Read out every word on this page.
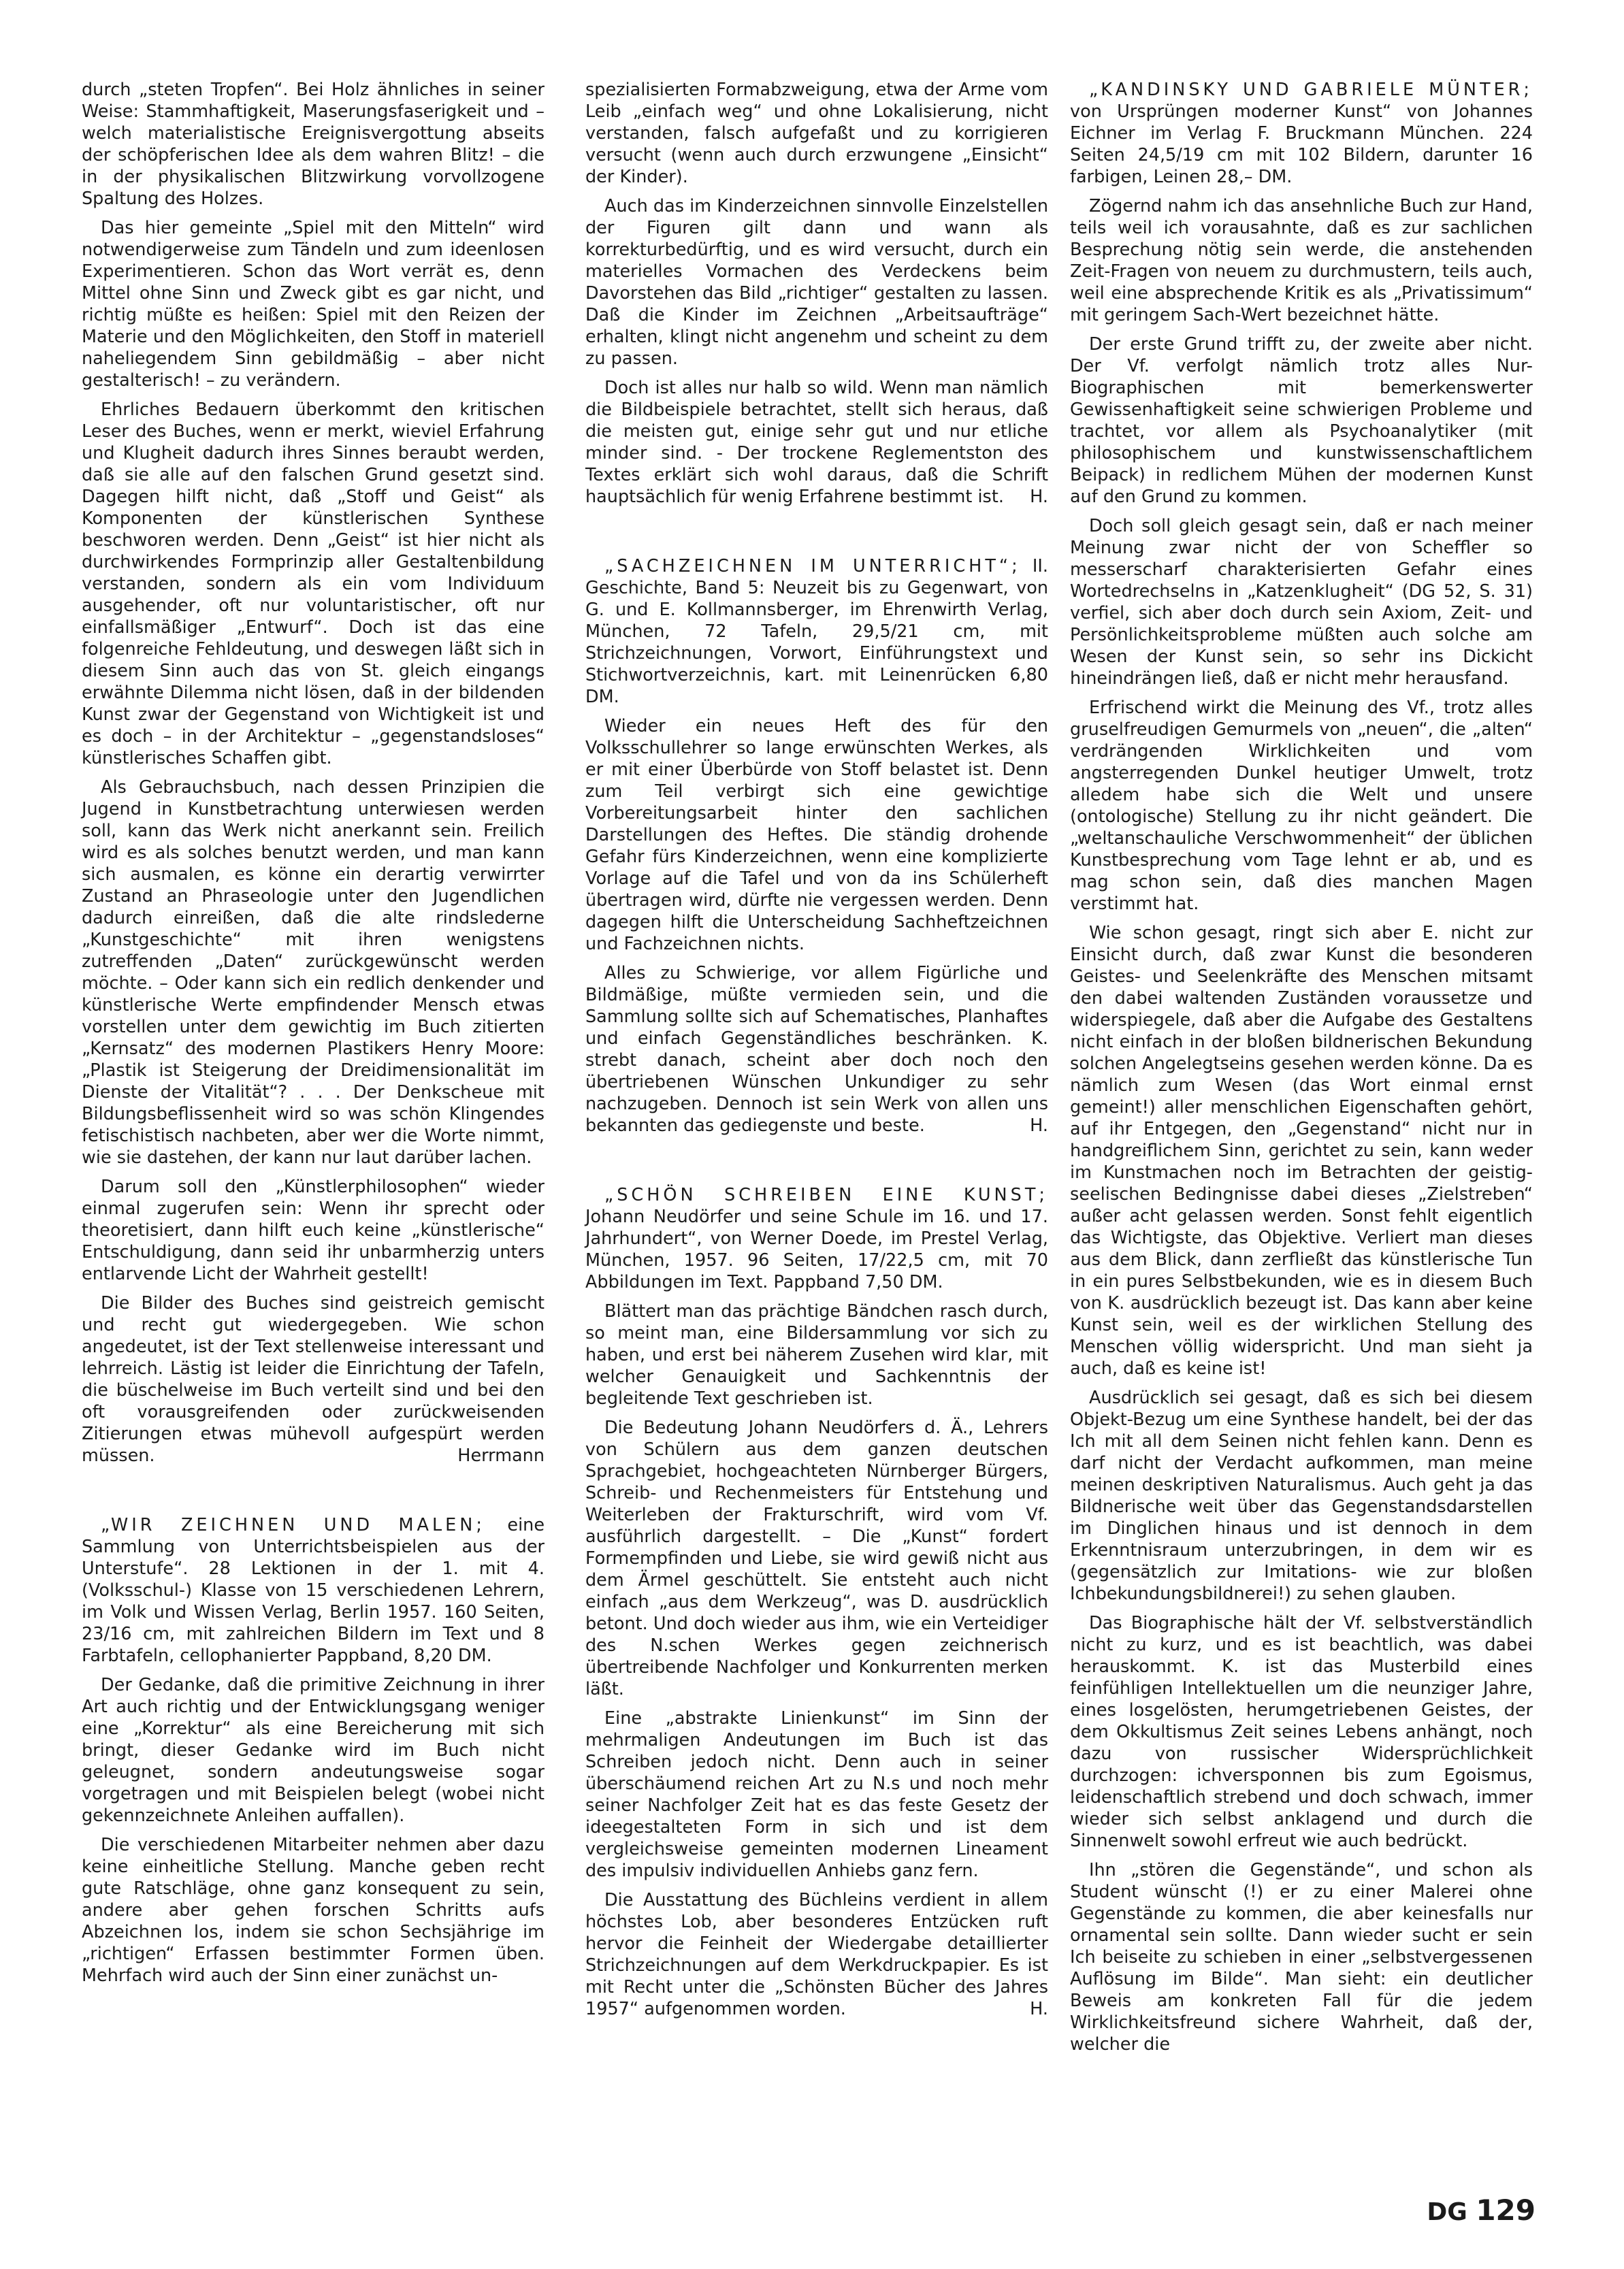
durch „steten Tropfen“. Bei Holz ähnliches in seiner Weise: Stammhaftigkeit, Maserungsfaserigkeit und – welch materialistische Ereignisvergottung abseits der schöpferischen Idee als dem wahren Blitz! – die in der physikalischen Blitzwirkung vorvollzogene Spaltung des Holzes.

Das hier gemeinte „Spiel mit den Mitteln“ wird notwendigerweise zum Tändeln und zum ideenlosen Experimentieren. Schon das Wort verrät es, denn Mittel ohne Sinn und Zweck gibt es gar nicht, und richtig müßte es heißen: Spiel mit den Reizen der Materie und den Möglichkeiten, den Stoff in materiell naheliegendem Sinn gebildmäßig – aber nicht gestalterisch! – zu verändern.

Ehrliches Bedauern überkommt den kritischen Leser des Buches, wenn er merkt, wieviel Erfahrung und Klugheit dadurch ihres Sinnes beraubt werden, daß sie alle auf den falschen Grund gesetzt sind. Dagegen hilft nicht, daß „Stoff und Geist“ als Komponenten der künstlerischen Synthese beschworen werden. Denn „Geist“ ist hier nicht als durchwirkendes Formprinzip aller Gestaltenbildung verstanden, sondern als ein vom Individuum ausgehender, oft nur voluntaristischer, oft nur einfallsmäßiger „Entwurf“. Doch ist das eine folgenreiche Fehldeutung, und deswegen läßt sich in diesem Sinn auch das von St. gleich eingangs erwähnte Dilemma nicht lösen, daß in der bildenden Kunst zwar der Gegenstand von Wichtigkeit ist und es doch – in der Architektur – „gegenstandsloses“ künstlerisches Schaffen gibt.

Als Gebrauchsbuch, nach dessen Prinzipien die Jugend in Kunstbetrachtung unterwiesen werden soll, kann das Werk nicht anerkannt sein. Freilich wird es als solches benutzt werden, und man kann sich ausmalen, es könne ein derartig verwirrter Zustand an Phraseologie unter den Jugendlichen dadurch einreißen, daß die alte rindslederne „Kunstgeschichte“ mit ihren wenigstens zutreffenden „Daten“ zurückgewünscht werden möchte. – Oder kann sich ein redlich denkender und künstlerische Werte empfindender Mensch etwas vorstellen unter dem gewichtig im Buch zitierten „Kernsatz“ des modernen Plastikers Henry Moore: „Plastik ist Steigerung der Dreidimensionalität im Dienste der Vitalität“? . . . Der Denkscheue mit Bildungsbeflissenheit wird so was schön Klingendes fetischistisch nachbeten, aber wer die Worte nimmt, wie sie dastehen, der kann nur laut darüber lachen.

Darum soll den „Künstlerphilosophen“ wieder einmal zugerufen sein: Wenn ihr sprecht oder theoretisiert, dann hilft euch keine „künstlerische“ Entschuldigung, dann seid ihr unbarmherzig unters entlarvende Licht der Wahrheit gestellt!

Die Bilder des Buches sind geistreich gemischt und recht gut wiedergegeben. Wie schon angedeutet, ist der Text stellenweise interessant und lehrreich. Lästig ist leider die Einrichtung der Tafeln, die büschelweise im Buch verteilt sind und bei den oft vorausgreifenden oder zurückweisenden Zitierungen etwas mühevoll aufgespürt werden müssen.	Herrmann

„WIR ZEICHNEN UND MALEN; eine Sammlung von Unterrichtsbeispielen aus der Unterstufe“. 28 Lektionen in der 1. mit 4. (Volksschul-) Klasse von 15 verschiedenen Lehrern, im Volk und Wissen Verlag, Berlin 1957. 160 Seiten, 23/16 cm, mit zahlreichen Bildern im Text und 8 Farbtafeln, cellophanierter Pappband, 8,20 DM.

Der Gedanke, daß die primitive Zeichnung in ihrer Art auch richtig und der Entwicklungsgang weniger eine „Korrektur“ als eine Bereicherung mit sich bringt, dieser Gedanke wird im Buch nicht geleugnet, sondern andeutungsweise sogar vorgetragen und mit Beispielen belegt (wobei nicht gekennzeichnete Anleihen auffallen).

Die verschiedenen Mitarbeiter nehmen aber dazu keine einheitliche Stellung. Manche geben recht gute Ratschläge, ohne ganz konsequent zu sein, andere aber gehen forschen Schritts aufs Abzeichnen los, indem sie schon Sechsjährige im „richtigen“ Erfassen bestimmter Formen üben. Mehrfach wird auch der Sinn einer zunächst un-

spezialisierten Formabzweigung, etwa der Arme vom Leib „einfach weg“ und ohne Lokalisierung, nicht verstanden, falsch aufgefaßt und zu korrigieren versucht (wenn auch durch erzwungene „Einsicht“ der Kinder).

Auch das im Kinderzeichnen sinnvolle Einzelstellen der Figuren gilt dann und wann als korrekturbedürftig, und es wird versucht, durch ein materielles Vormachen des Verdeckens beim Davorstehen das Bild „richtiger“ gestalten zu lassen. Daß die Kinder im Zeichnen „Arbeitsaufträge“ erhalten, klingt nicht angenehm und scheint zu dem zu passen.

Doch ist alles nur halb so wild. Wenn man nämlich die Bildbeispiele betrachtet, stellt sich heraus, daß die meisten gut, einige sehr gut und nur etliche minder sind. - Der trockene Reglementston des Textes erklärt sich wohl daraus, daß die Schrift hauptsächlich für wenig Erfahrene bestimmt ist.	H.

„SACHZEICHNEN IM UNTERRICHT“; II. Geschichte, Band 5: Neuzeit bis zu Gegenwart, von G. und E. Kollmannsberger, im Ehrenwirth Verlag, München, 72 Tafeln, 29,5/21 cm, mit Strichzeichnungen, Vorwort, Einführungstext und Stichwortverzeichnis, kart. mit Leinenrücken 6,80 DM.

Wieder ein neues Heft des für den Volksschullehrer so lange erwünschten Werkes, als er mit einer Überbürde von Stoff belastet ist. Denn zum Teil verbirgt sich eine gewichtige Vorbereitungsarbeit hinter den sachlichen Darstellungen des Heftes. Die ständig drohende Gefahr fürs Kinderzeichnen, wenn eine komplizierte Vorlage auf die Tafel und von da ins Schülerheft übertragen wird, dürfte nie vergessen werden. Denn dagegen hilft die Unterscheidung Sachheftzeichnen und Fachzeichnen nichts.

Alles zu Schwierige, vor allem Figürliche und Bildmäßige, müßte vermieden sein, und die Sammlung sollte sich auf Schematisches, Planhaftes und einfach Gegenständliches beschränken. K. strebt danach, scheint aber doch noch den übertriebenen Wünschen Unkundiger zu sehr nachzugeben. Dennoch ist sein Werk von allen uns bekannten das gediegenste und beste.	H.

„SCHÖN SCHREIBEN EINE KUNST; Johann Neudörfer und seine Schule im 16. und 17. Jahrhundert“, von Werner Doede, im Prestel Verlag, München, 1957. 96 Seiten, 17/22,5 cm, mit 70 Abbildungen im Text. Pappband 7,50 DM.

Blättert man das prächtige Bändchen rasch durch, so meint man, eine Bildersammlung vor sich zu haben, und erst bei näherem Zusehen wird klar, mit welcher Genauigkeit und Sachkenntnis der begleitende Text geschrieben ist.

Die Bedeutung Johann Neudörfers d. Ä., Lehrers von Schülern aus dem ganzen deutschen Sprachgebiet, hochgeachteten Nürnberger Bürgers, Schreib- und Rechenmeisters für Entstehung und Weiterleben der Frakturschrift, wird vom Vf. ausführlich dargestellt. – Die „Kunst“ fordert Formempfinden und Liebe, sie wird gewiß nicht aus dem Ärmel geschüttelt. Sie entsteht auch nicht einfach „aus dem Werkzeug“, was D. ausdrücklich betont. Und doch wieder aus ihm, wie ein Verteidiger des N.schen Werkes gegen zeichnerisch übertreibende Nachfolger und Konkurrenten merken läßt.

Eine „abstrakte Linienkunst“ im Sinn der mehrmaligen Andeutungen im Buch ist das Schreiben jedoch nicht. Denn auch in seiner überschäumend reichen Art zu N.s und noch mehr seiner Nachfolger Zeit hat es das feste Gesetz der ideegestalteten Form in sich und ist dem vergleichsweise gemeinten modernen Lineament des impulsiv individuellen Anhiebs ganz fern.

Die Ausstattung des Büchleins verdient in allem höchstes Lob, aber besonderes Entzücken ruft hervor die Feinheit der Wiedergabe detaillierter Strichzeichnungen auf dem Werkdruckpapier. Es ist mit Recht unter die „Schönsten Bücher des Jahres 1957“ aufgenommen worden.	H.

„KANDINSKY UND GABRIELE MÜNTER; von Ursprüngen moderner Kunst“ von Johannes Eichner im Verlag F. Bruckmann München. 224 Seiten 24,5/19 cm mit 102 Bildern, darunter 16 farbigen, Leinen 28,– DM.

Zögernd nahm ich das ansehnliche Buch zur Hand, teils weil ich vorausahnte, daß es zur sachlichen Besprechung nötig sein werde, die anstehenden Zeit-Fragen von neuem zu durchmustern, teils auch, weil eine absprechende Kritik es als „Privatissimum“ mit geringem Sach-Wert bezeichnet hätte.

Der erste Grund trifft zu, der zweite aber nicht. Der Vf. verfolgt nämlich trotz alles Nur-Biographischen mit bemerkenswerter Gewissenhaftigkeit seine schwierigen Probleme und trachtet, vor allem als Psychoanalytiker (mit philosophischem und kunstwissenschaftlichem Beipack) in redlichem Mühen der modernen Kunst auf den Grund zu kommen.

Doch soll gleich gesagt sein, daß er nach meiner Meinung zwar nicht der von Scheffler so messerscharf charakterisierten Gefahr eines Wortedrechselns in „Katzenklugheit“ (DG 52, S. 31) verfiel, sich aber doch durch sein Axiom, Zeit- und Persönlichkeitsprobleme müßten auch solche am Wesen der Kunst sein, so sehr ins Dickicht hineindrängen ließ, daß er nicht mehr herausfand.

Erfrischend wirkt die Meinung des Vf., trotz alles gruselfreudigen Gemurmels von „neuen“, die „alten“ verdrängenden Wirklichkeiten und vom angsterregenden Dunkel heutiger Umwelt, trotz alledem habe sich die Welt und unsere (ontologische) Stellung zu ihr nicht geändert. Die „weltanschauliche Verschwommenheit“ der üblichen Kunstbesprechung vom Tage lehnt er ab, und es mag schon sein, daß dies manchen Magen verstimmt hat.

Wie schon gesagt, ringt sich aber E. nicht zur Einsicht durch, daß zwar Kunst die besonderen Geistes- und Seelenkräfte des Menschen mitsamt den dabei waltenden Zuständen voraussetze und widerspiegele, daß aber die Aufgabe des Gestaltens nicht einfach in der bloßen bildnerischen Bekundung solchen Angelegtseins gesehen werden könne. Da es nämlich zum Wesen (das Wort einmal ernst gemeint!) aller menschlichen Eigenschaften gehört, auf ihr Entgegen, den „Gegenstand“ nicht nur in handgreiflichem Sinn, gerichtet zu sein, kann weder im Kunstmachen noch im Betrachten der geistig-seelischen Bedingnisse dabei dieses „Zielstreben“ außer acht gelassen werden. Sonst fehlt eigentlich das Wichtigste, das Objektive. Verliert man dieses aus dem Blick, dann zerfließt das künstlerische Tun in ein pures Selbstbekunden, wie es in diesem Buch von K. ausdrücklich bezeugt ist. Das kann aber keine Kunst sein, weil es der wirklichen Stellung des Menschen völlig widerspricht. Und man sieht ja auch, daß es keine ist!

Ausdrücklich sei gesagt, daß es sich bei diesem Objekt-Bezug um eine Synthese handelt, bei der das Ich mit all dem Seinen nicht fehlen kann. Denn es darf nicht der Verdacht aufkommen, man meine meinen deskriptiven Naturalismus. Auch geht ja das Bildnerische weit über das Gegenstandsdarstellen im Dinglichen hinaus und ist dennoch in dem Erkenntnisraum unterzubringen, in dem wir es (gegensätzlich zur Imitations- wie zur bloßen Ichbekundungsbildnerei!) zu sehen glauben.

Das Biographische hält der Vf. selbstverständlich nicht zu kurz, und es ist beachtlich, was dabei herauskommt. K. ist das Musterbild eines feinfühligen Intellektuellen um die neunziger Jahre, eines losgelösten, herumgetriebenen Geistes, der dem Okkultismus Zeit seines Lebens anhängt, noch dazu von russischer Widersprüchlichkeit durchzogen: ichversponnen bis zum Egoismus, leidenschaftlich strebend und doch schwach, immer wieder sich selbst anklagend und durch die Sinnenwelt sowohl erfreut wie auch bedrückt.

Ihn „stören die Gegenstände“, und schon als Student wünscht (!) er zu einer Malerei ohne Gegenstände zu kommen, die aber keinesfalls nur ornamental sein sollte. Dann wieder sucht er sein Ich beiseite zu schieben in einer „selbstvergessenen Auflösung im Bilde“. Man sieht: ein deutlicher Beweis am konkreten Fall für die jedem Wirklichkeitsfreund sichere Wahrheit, daß der, welcher die

DG 129
